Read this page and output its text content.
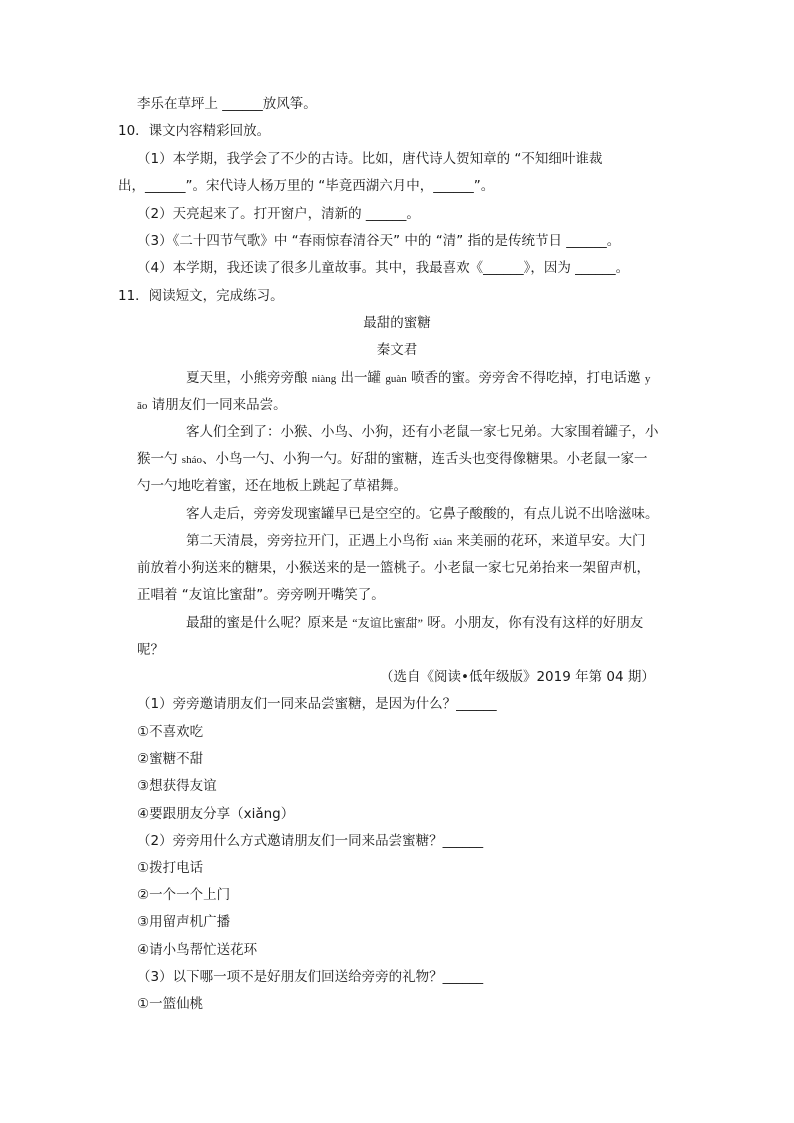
李乐在草坪上 ______放风筝。
10．课文内容精彩回放。
（1）本学期，我学会了不少的古诗。比如，唐代诗人贺知章的 “不知细叶谁裁
出，______”。宋代诗人杨万里的 “毕竟西湖六月中，______”。
（2）天亮起来了。打开窗户，清新的 ______。
（3）《二十四节气歌》中 “春雨惊春清谷天” 中的 “清” 指的是传统节日 ______。
（4）本学期，我还读了很多儿童故事。其中，我最喜欢《______》，因为 ______。
11．阅读短文，完成练习。
最甜的蜜糖
秦文君
夏天里，小熊旁旁酿 niàng 出一罐 guàn 喷香的蜜。旁旁舍不得吃掉，打电话邀 y
āo 请朋友们一同来品尝。
客人们全到了：小猴、小鸟、小狗，还有小老鼠一家七兄弟。大家围着罐子，小
猴一勺 sháo、小鸟一勺、小狗一勺。好甜的蜜糖，连舌头也变得像糖果。小老鼠一家一
勺一勺地吃着蜜，还在地板上跳起了草裙舞。
客人走后，旁旁发现蜜罐早已是空空的。它鼻子酸酸的，有点儿说不出啥滋味。
第二天清晨，旁旁拉开门，正遇上小鸟衔 xián 来美丽的花环，来道早安。大门
前放着小狗送来的糖果，小猴送来的是一篮桃子。小老鼠一家七兄弟抬来一架留声机，
正唱着 “友谊比蜜甜”。旁旁咧开嘴笑了。
最甜的蜜是什么呢？原来是 “友谊比蜜甜” 呀。小朋友，你有没有这样的好朋友
呢？
（选自《阅读•低年级版》2019 年第 04 期）
（1）旁旁邀请朋友们一同来品尝蜜糖，是因为什么？______
①不喜欢吃
②蜜糖不甜
③想获得友谊
④要跟朋友分享（xiǎng）
（2）旁旁用什么方式邀请朋友们一同来品尝蜜糖？______
①拨打电话
②一个一个上门
③用留声机广播
④请小鸟帮忙送花环
（3）以下哪一项不是好朋友们回送给旁旁的礼物？______
①一篮仙桃
